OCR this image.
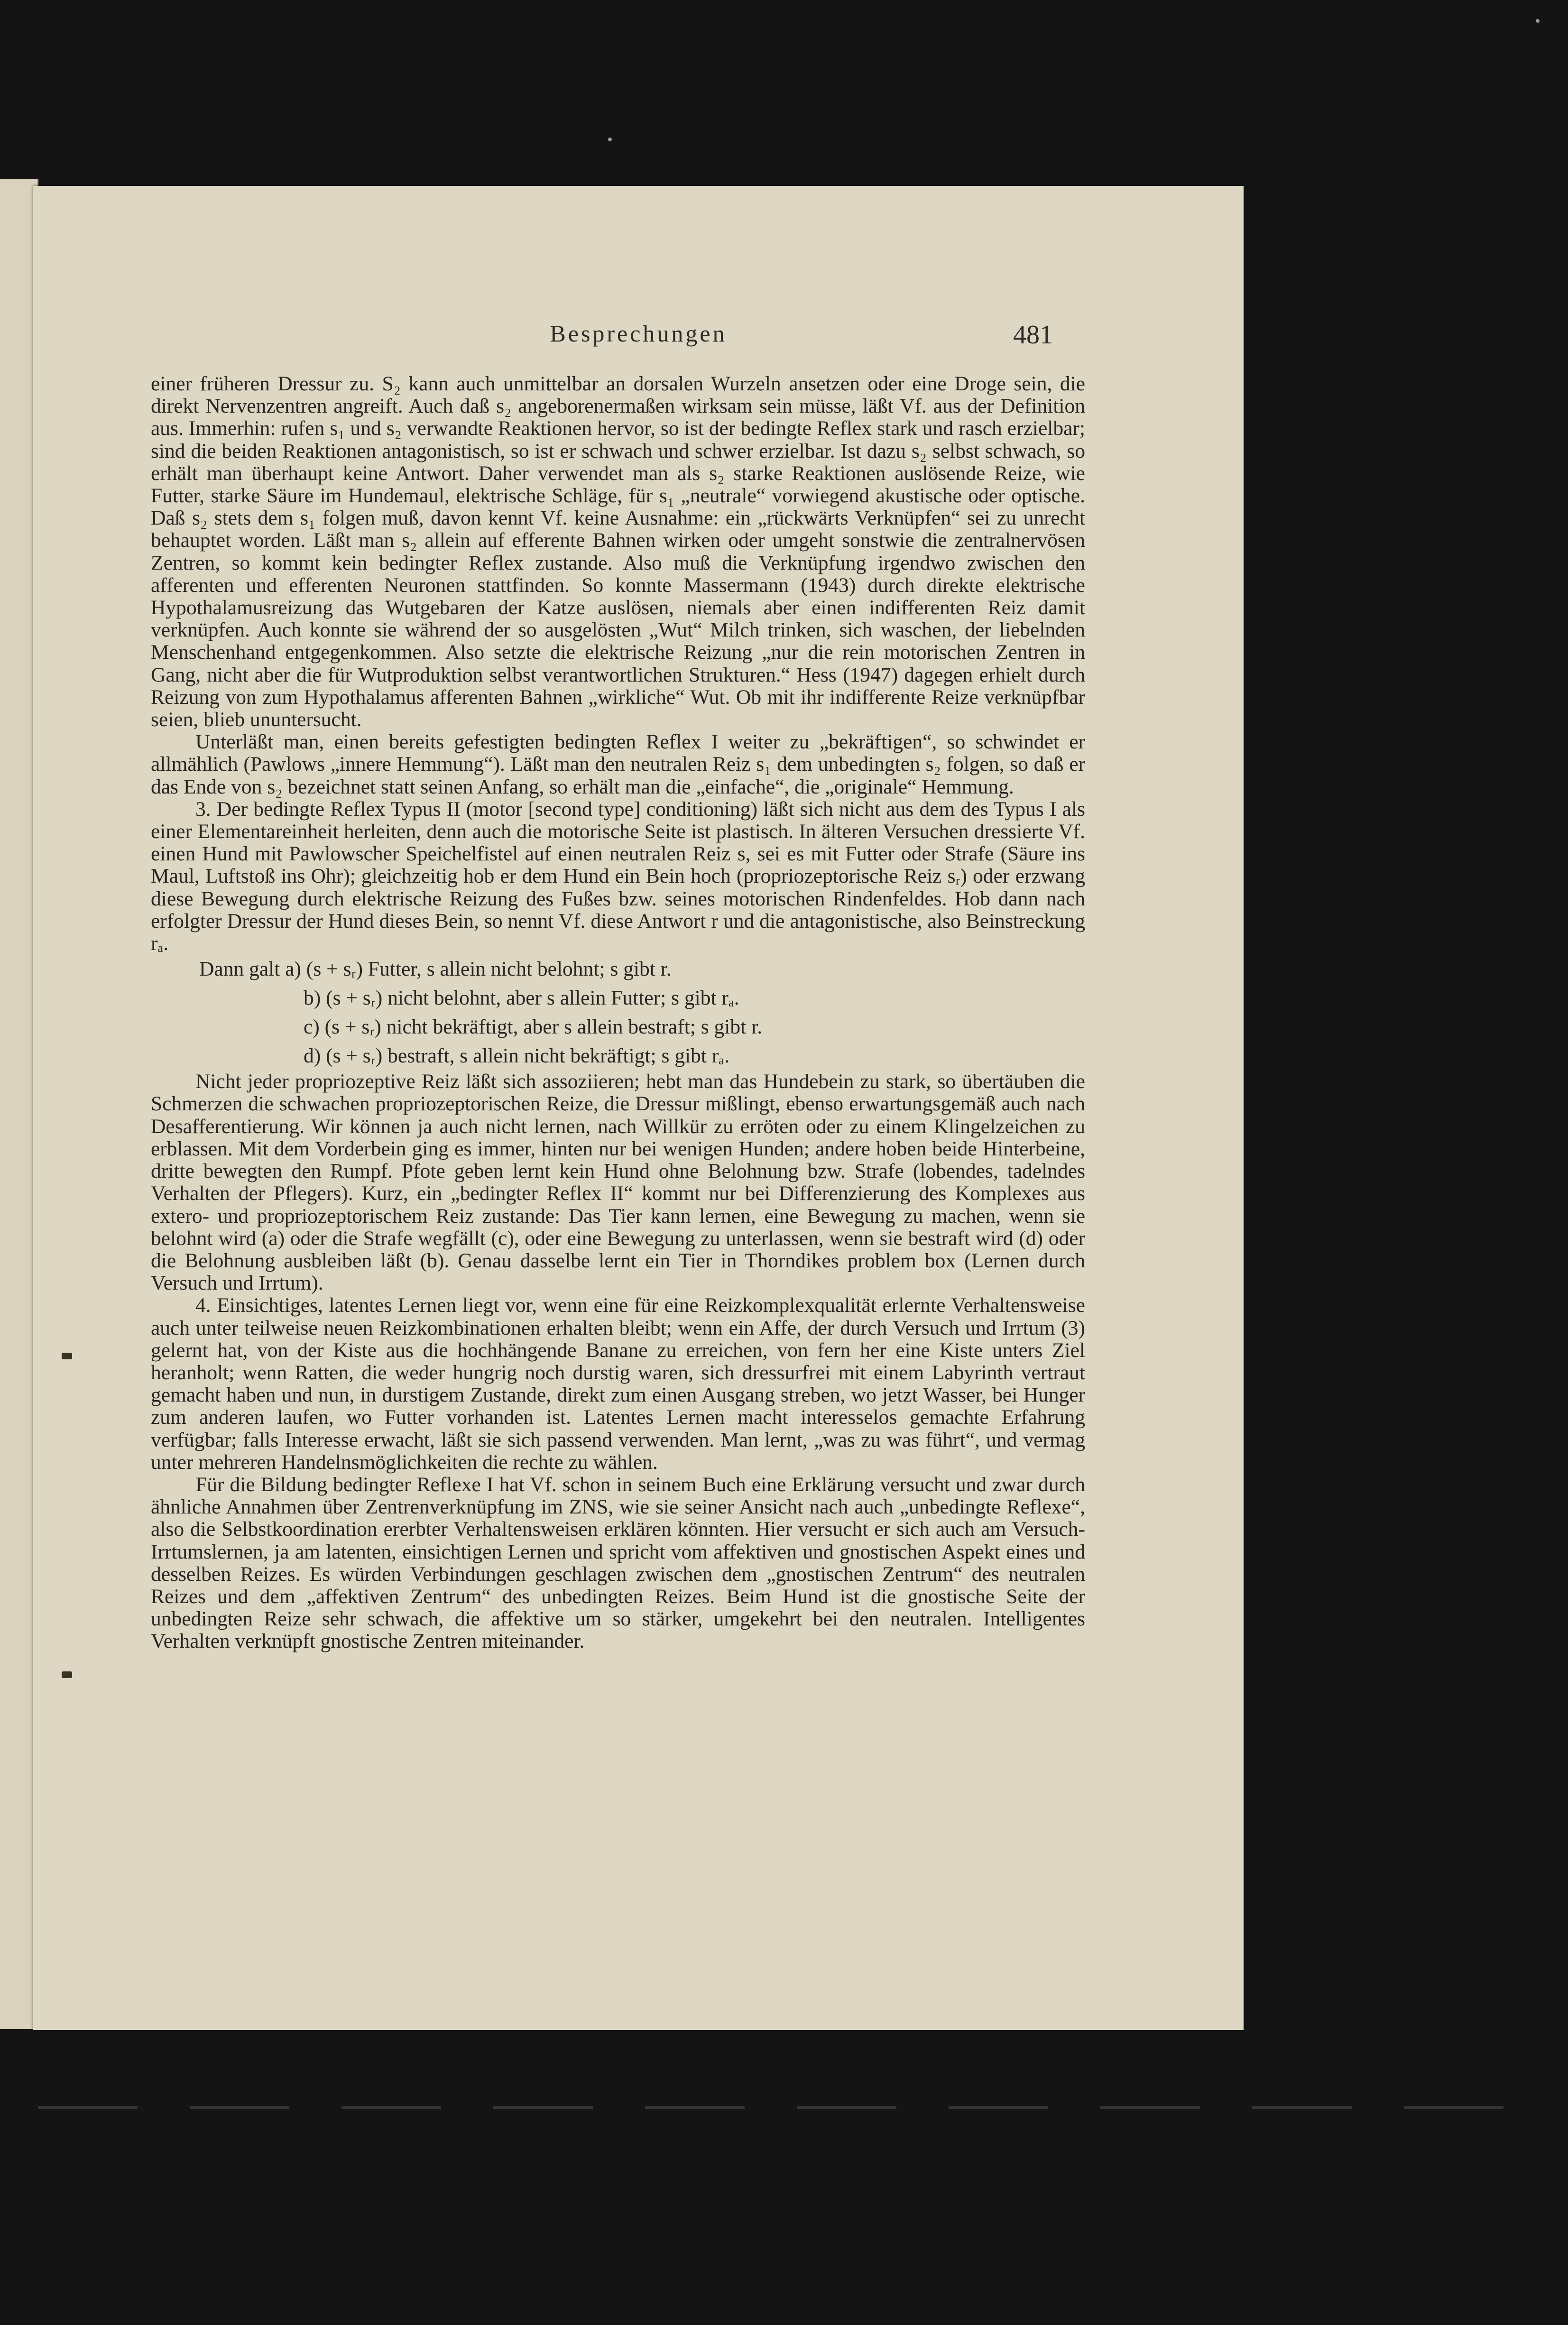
Besprechungen	481

einer früheren Dressur zu. S₂ kann auch unmittelbar an dorsalen Wurzeln ansetzen oder eine Droge sein, die direkt Nervenzentren angreift. Auch daß s₂ angeborenermaßen wirksam sein müsse, läßt Vf. aus der Definition aus. Immerhin: rufen s₁ und s₂ verwandte Reaktionen hervor, so ist der bedingte Reflex stark und rasch erzielbar; sind die beiden Reaktionen antagonistisch, so ist er schwach und schwer erzielbar. Ist dazu s₂ selbst schwach, so erhält man überhaupt keine Antwort. Daher verwendet man als s₂ starke Reaktionen auslösende Reize, wie Futter, starke Säure im Hundemaul, elektrische Schläge, für s₁ „neutrale“ vorwiegend akustische oder optische. Daß s₂ stets dem s₁ folgen muß, davon kennt Vf. keine Ausnahme: ein „rückwärts Verknüpfen“ sei zu unrecht behauptet worden. Läßt man s₂ allein auf efferente Bahnen wirken oder umgeht sonstwie die zentralnervösen Zentren, so kommt kein bedingter Reflex zustande. Also muß die Verknüpfung irgendwo zwischen den afferenten und efferenten Neuronen stattfinden. So konnte Massermann (1943) durch direkte elektrische Hypothalamusreizung das Wutgebaren der Katze auslösen, niemals aber einen indifferenten Reiz damit verknüpfen. Auch konnte sie während der so ausgelösten „Wut“ Milch trinken, sich waschen, der liebelnden Menschenhand entgegenkommen. Also setzte die elektrische Reizung „nur die rein motorischen Zentren in Gang, nicht aber die für Wutproduktion selbst verantwortlichen Strukturen.“ Hess (1947) dagegen erhielt durch Reizung von zum Hypothalamus afferenten Bahnen „wirkliche“ Wut. Ob mit ihr indifferente Reize verknüpfbar seien, blieb ununtersucht.

Unterläßt man, einen bereits gefestigten bedingten Reflex I weiter zu „bekräftigen“, so schwindet er allmählich (Pawlows „innere Hemmung“). Läßt man den neutralen Reiz s₁ dem unbedingten s₂ folgen, so daß er das Ende von s₂ bezeichnet statt seinen Anfang, so erhält man die „einfache“, die „originale“ Hemmung.

3. Der bedingte Reflex Typus II (motor [second type] conditioning) läßt sich nicht aus dem des Typus I als einer Elementareinheit herleiten, denn auch die motorische Seite ist plastisch. In älteren Versuchen dressierte Vf. einen Hund mit Pawlowscher Speichelfistel auf einen neutralen Reiz s, sei es mit Futter oder Strafe (Säure ins Maul, Luftstoß ins Ohr); gleichzeitig hob er dem Hund ein Bein hoch (propriozeptorische Reiz sᵣ) oder erzwang diese Bewegung durch elektrische Reizung des Fußes bzw. seines motorischen Rindenfeldes. Hob dann nach erfolgter Dressur der Hund dieses Bein, so nennt Vf. diese Antwort r und die antagonistische, also Beinstreckung rₐ.

Dann galt a) (s + sᵣ) Futter, s allein nicht belohnt; s gibt r.

b) (s + sᵣ) nicht belohnt, aber s allein Futter; s gibt rₐ.

c) (s + sᵣ) nicht bekräftigt, aber s allein bestraft; s gibt r.

d) (s + sᵣ) bestraft, s allein nicht bekräftigt; s gibt rₐ.

Nicht jeder propriozeptive Reiz läßt sich assoziieren; hebt man das Hundebein zu stark, so übertäuben die Schmerzen die schwachen propriozeptorischen Reize, die Dressur mißlingt, ebenso erwartungsgemäß auch nach Desafferentierung. Wir können ja auch nicht lernen, nach Willkür zu erröten oder zu einem Klingelzeichen zu erblassen. Mit dem Vorderbein ging es immer, hinten nur bei wenigen Hunden; andere hoben beide Hinterbeine, dritte bewegten den Rumpf. Pfote geben lernt kein Hund ohne Belohnung bzw. Strafe (lobendes, tadelndes Verhalten der Pflegers). Kurz, ein „bedingter Reflex II“ kommt nur bei Differenzierung des Komplexes aus extero- und propriozeptorischem Reiz zustande: Das Tier kann lernen, eine Bewegung zu machen, wenn sie belohnt wird (a) oder die Strafe wegfällt (c), oder eine Bewegung zu unterlassen, wenn sie bestraft wird (d) oder die Belohnung ausbleiben läßt (b). Genau dasselbe lernt ein Tier in Thorndikes problem box (Lernen durch Versuch und Irrtum).

4. Einsichtiges, latentes Lernen liegt vor, wenn eine für eine Reizkomplexqualität erlernte Verhaltensweise auch unter teilweise neuen Reizkombinationen erhalten bleibt; wenn ein Affe, der durch Versuch und Irrtum (3) gelernt hat, von der Kiste aus die hochhängende Banane zu erreichen, von fern her eine Kiste unters Ziel heranholt; wenn Ratten, die weder hungrig noch durstig waren, sich dressurfrei mit einem Labyrinth vertraut gemacht haben und nun, in durstigem Zustande, direkt zum einen Ausgang streben, wo jetzt Wasser, bei Hunger zum anderen laufen, wo Futter vorhanden ist. Latentes Lernen macht interesselos gemachte Erfahrung verfügbar; falls Interesse erwacht, läßt sie sich passend verwenden. Man lernt, „was zu was führt“, und vermag unter mehreren Handelnsmöglichkeiten die rechte zu wählen.

Für die Bildung bedingter Reflexe I hat Vf. schon in seinem Buch eine Erklärung versucht und zwar durch ähnliche Annahmen über Zentrenverknüpfung im ZNS, wie sie seiner Ansicht nach auch „unbedingte Reflexe“, also die Selbstkoordination ererbter Verhaltensweisen erklären könnten. Hier versucht er sich auch am Versuch-Irrtumslernen, ja am latenten, einsichtigen Lernen und spricht vom affektiven und gnostischen Aspekt eines und desselben Reizes. Es würden Verbindungen geschlagen zwischen dem „gnostischen Zentrum“ des neutralen Reizes und dem „affektiven Zentrum“ des unbedingten Reizes. Beim Hund ist die gnostische Seite der unbedingten Reize sehr schwach, die affektive um so stärker, umgekehrt bei den neutralen. Intelligentes Verhalten verknüpft gnostische Zentren miteinander.
